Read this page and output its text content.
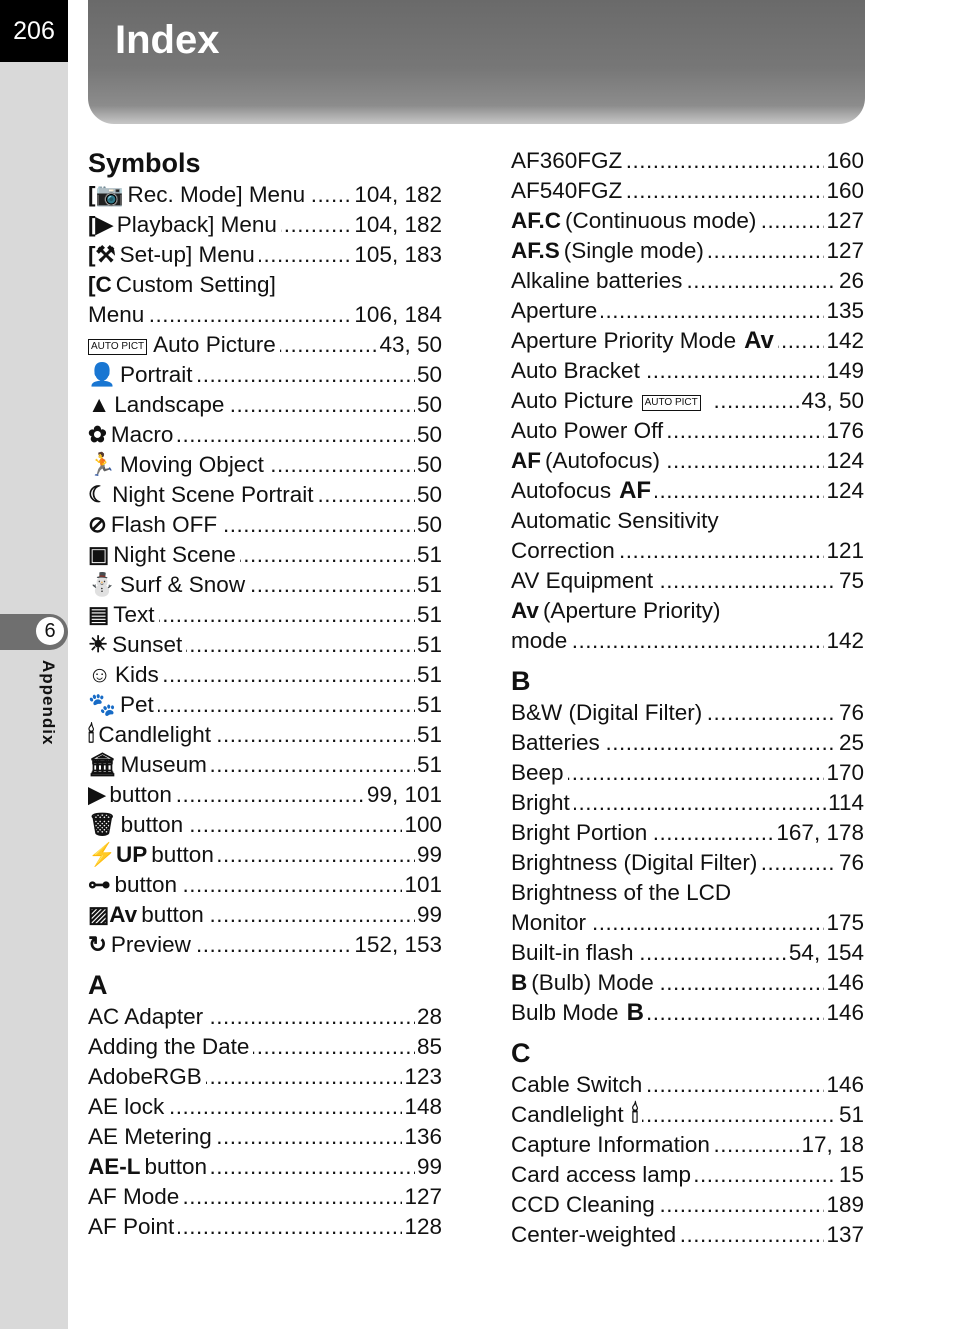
206	Index
6
Appendix
Symbols
..... [📷 Rec. Mode] Menu 104, 182
..... [▶ Playback] Menu	104, 182
..... [⚒ Set-up] Menu	105, 183
[C Custom Setting]
..... Menu	106, 184
..... AUTO PICT Auto Picture	43, 50
..... 👤 Portrait	50
..... ▲ Landscape	50
..... ✿ Macro	50
..... 🏃 Moving Object	50
..... ☾ Night Scene Portrait	50
..... ⊘ Flash OFF	50
..... ▣ Night Scene	51
..... ⛄ Surf & Snow	51
..... ▤ Text	51
..... ☀ Sunset	51
..... ☺ Kids	51
..... 🐾 Pet	51
..... 🕯 Candlelight	51
..... 🏛 Museum	51
..... ▶ button	99, 101
..... 🗑 button	100
..... ⚡UP button	99
..... ⊶ button	101
..... ▨Av button	99
..... ↻ Preview	152, 153
A
..... AC Adapter	28
..... Adding the Date	85
..... AdobeRGB	123
..... AE lock	148
..... AE Metering	136
..... AE-L button	99
..... AF Mode	127
..... AF Point	128
..... AF360FGZ	160
..... AF540FGZ	160
..... AF.C (Continuous mode)	127
..... AF.S (Single mode)	127
..... Alkaline batteries	26
..... Aperture	135
..... Aperture Priority Mode Av 142
..... Auto Bracket	149
..... Auto Picture AUTO PICT	43, 50
..... Auto Power Off	176
..... AF (Autofocus)	124
..... Autofocus AF	124
Automatic Sensitivity
..... Correction	121
..... AV Equipment	75
Av (Aperture Priority)
..... mode	142
B
..... B&W (Digital Filter)	76
..... Batteries	25
..... Beep	170
..... Bright	114
..... Bright Portion	167, 178
..... Brightness (Digital Filter)	76
Brightness of the LCD
..... Monitor	175
..... Built-in flash	54, 154
..... B (Bulb) Mode	146
..... Bulb Mode B	146
C
..... Cable Switch	146
..... Candlelight 🕯	51
..... Capture Information	17, 18
..... Card access lamp	15
..... CCD Cleaning	189
..... Center-weighted	137
